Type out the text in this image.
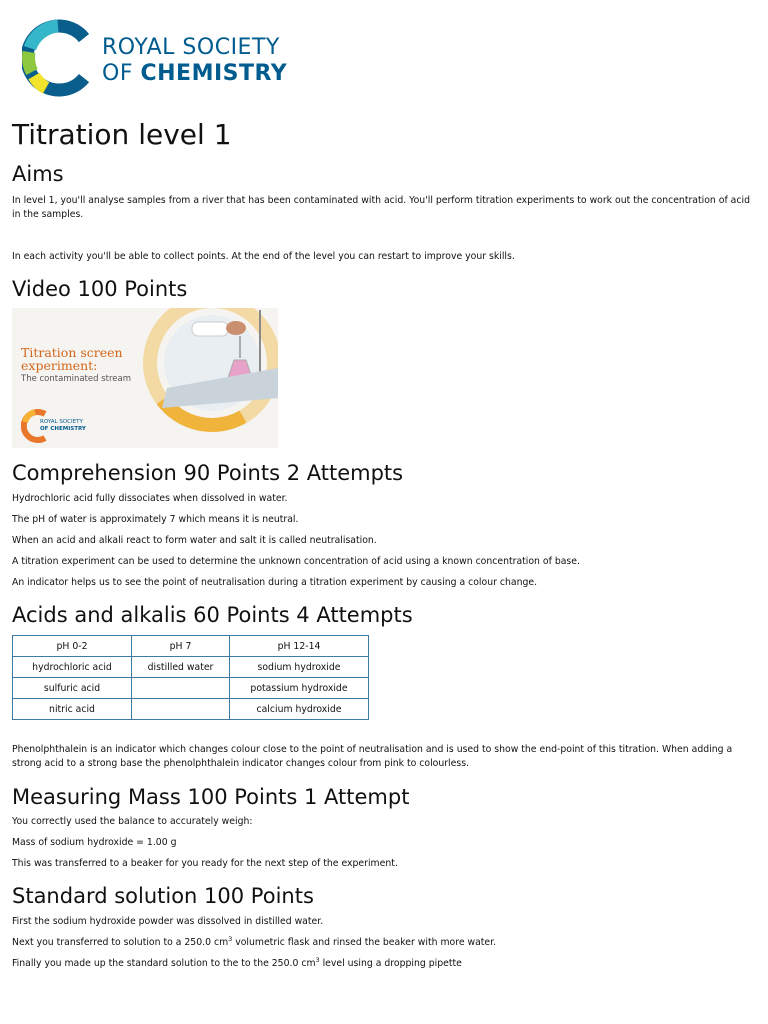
ROYAL SOCIETY
OF CHEMISTRY
Titration level 1
Aims

In level 1, you'll analyse samples from a river that has been contaminated with acid. You'll perform titration experiments to work out the concentration of acid in the samples.

In each activity you'll be able to collect points. At the end of the level you can restart to improve your skills.

Video 100 Points
Titration screen
experiment:
The contaminated stream
ROYAL SOCIETY
OF CHEMISTRY
Comprehension 90 Points 2 Attempts

Hydrochloric acid fully dissociates when dissolved in water.

The pH of water is approximately 7 which means it is neutral.

When an acid and alkali react to form water and salt it is called neutralisation.

A titration experiment can be used to determine the unknown concentration of acid using a known concentration of base.

An indicator helps us to see the point of neutralisation during a titration experiment by causing a colour change.

Acids and alkalis 60 Points 4 Attempts
pH 0-2	pH 7	pH 12-14
hydrochloric acid	distilled water	sodium hydroxide
sulfuric acid		potassium hydroxide
nitric acid		calcium hydroxide

Phenolphthalein is an indicator which changes colour close to the point of neutralisation and is used to show the end-point of this titration. When adding a strong acid to a strong base the phenolphthalein indicator changes colour from pink to colourless.

Measuring Mass 100 Points 1 Attempt

You correctly used the balance to accurately weigh:

Mass of sodium hydroxide = 1.00 g

This was transferred to a beaker for you ready for the next step of the experiment.

Standard solution 100 Points

First the sodium hydroxide powder was dissolved in distilled water.

Next you transferred to solution to a 250.0 $cm^3$ volumetric flask and rinsed the beaker with more water.

Finally you made up the standard solution to the to the 250.0 $cm^3$ level using a dropping pipette
